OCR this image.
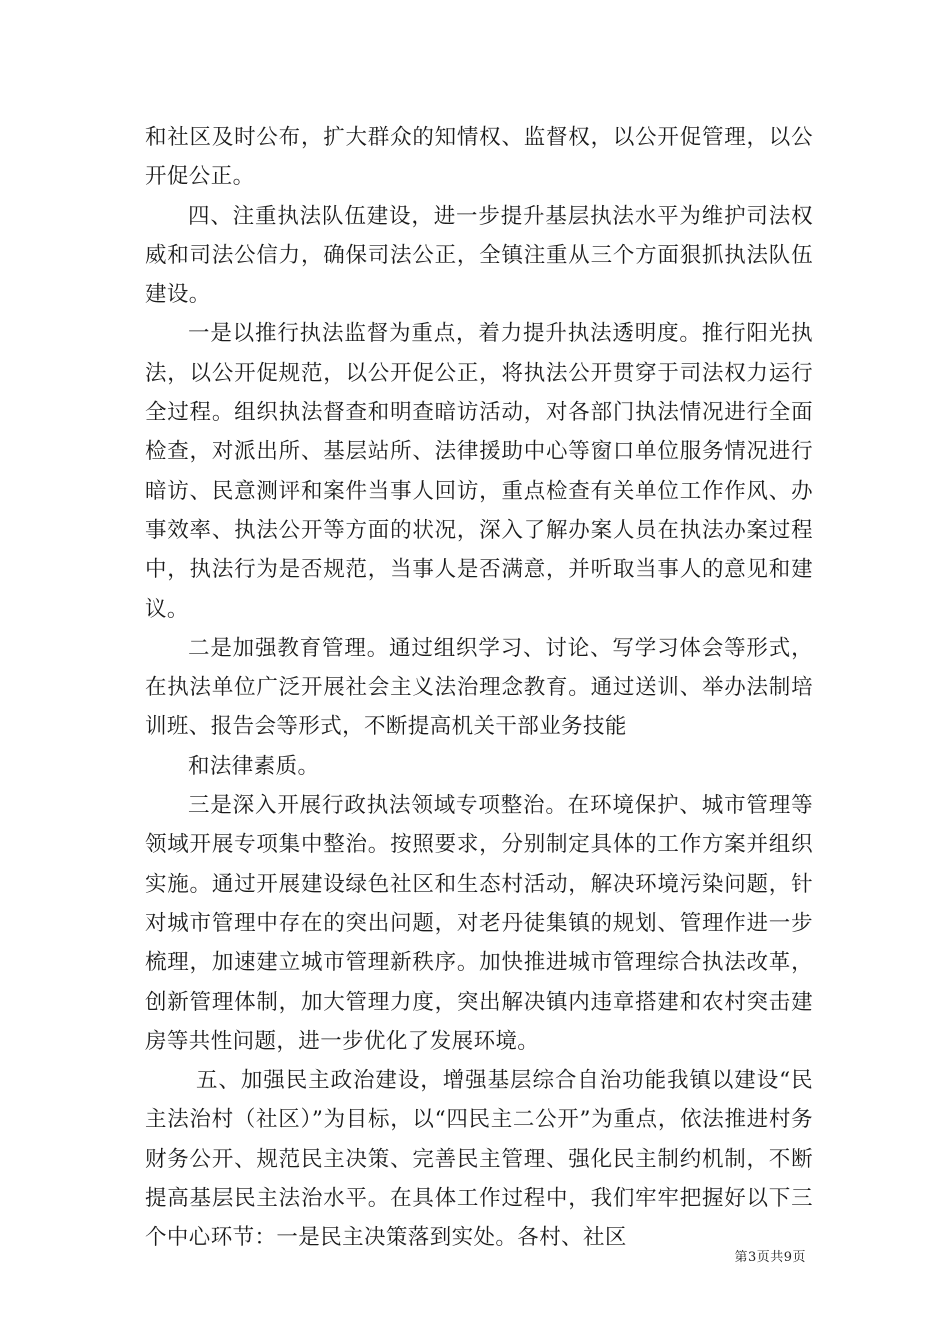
和社区及时公布，扩大群众的知情权、监督权，以公开促管理，以公开促公正。

四、注重执法队伍建设，进一步提升基层执法水平为维护司法权威和司法公信力，确保司法公正，全镇注重从三个方面狠抓执法队伍建设。

一是以推行执法监督为重点，着力提升执法透明度。推行阳光执法，以公开促规范，以公开促公正，将执法公开贯穿于司法权力运行全过程。组织执法督查和明查暗访活动，对各部门执法情况进行全面检查，对派出所、基层站所、法律援助中心等窗口单位服务情况进行暗访、民意测评和案件当事人回访，重点检查有关单位工作作风、办事效率、执法公开等方面的状况，深入了解办案人员在执法办案过程中，执法行为是否规范，当事人是否满意，并听取当事人的意见和建议。

二是加强教育管理。通过组织学习、讨论、写学习体会等形式，在执法单位广泛开展社会主义法治理念教育。通过送训、举办法制培训班、报告会等形式，不断提高机关干部业务技能

和法律素质。

三是深入开展行政执法领域专项整治。在环境保护、城市管理等领域开展专项集中整治。按照要求，分别制定具体的工作方案并组织实施。通过开展建设绿色社区和生态村活动，解决环境污染问题，针对城市管理中存在的突出问题，对老丹徒集镇的规划、管理作进一步梳理，加速建立城市管理新秩序。加快推进城市管理综合执法改革，创新管理体制，加大管理力度，突出解决镇内违章搭建和农村突击建房等共性问题，进一步优化了发展环境。

五、加强民主政治建设，增强基层综合自治功能我镇以建设“民主法治村（社区）”为目标，以“四民主二公开”为重点，依法推进村务财务公开、规范民主决策、完善民主管理、强化民主制约机制，不断提高基层民主法治水平。在具体工作过程中，我们牢牢把握好以下三个中心环节：一是民主决策落到实处。各村、社区

第3页共9页
